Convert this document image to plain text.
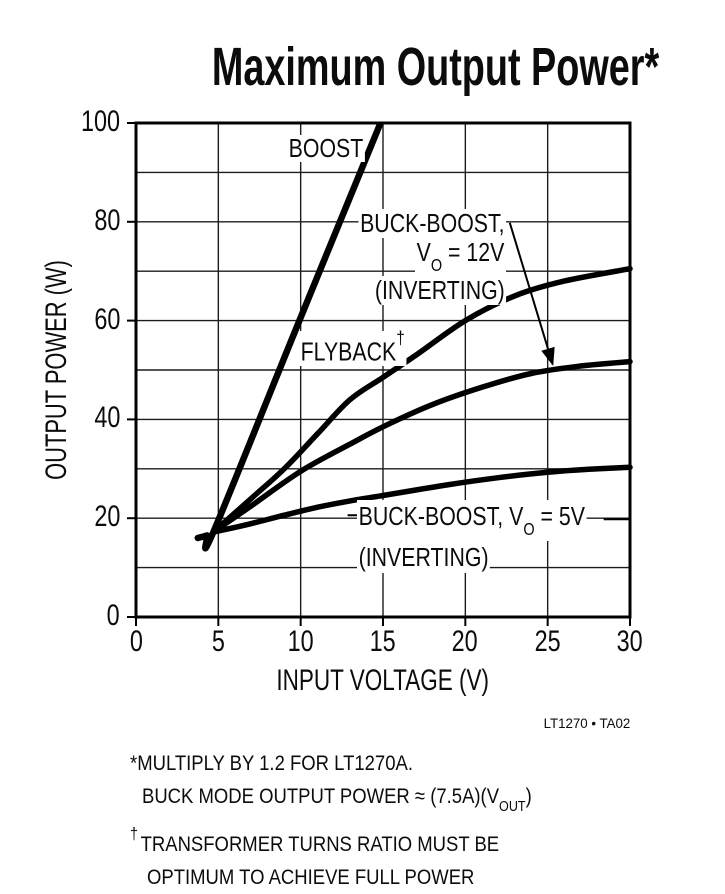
Maximum Output Power*
OUTPUT POWER (W)
INPUT VOLTAGE (V)
BOOST
BUCK-BOOST,
$V_O = 12V$
(INVERTING)
FLYBACK†
BUCK-BOOST, $V_O = 5V$
(INVERTING)
LT1270 • TA02
*MULTIPLY BY 1.2 FOR LT1270A.
BUCK MODE OUTPUT POWER ≈ $(7.5A)(V_{OUT})$
† TRANSFORMER TURNS RATIO MUST BE
OPTIMUM TO ACHIEVE FULL POWER
0
20
40
60
80
100
0	5	10	15	20	25	30
